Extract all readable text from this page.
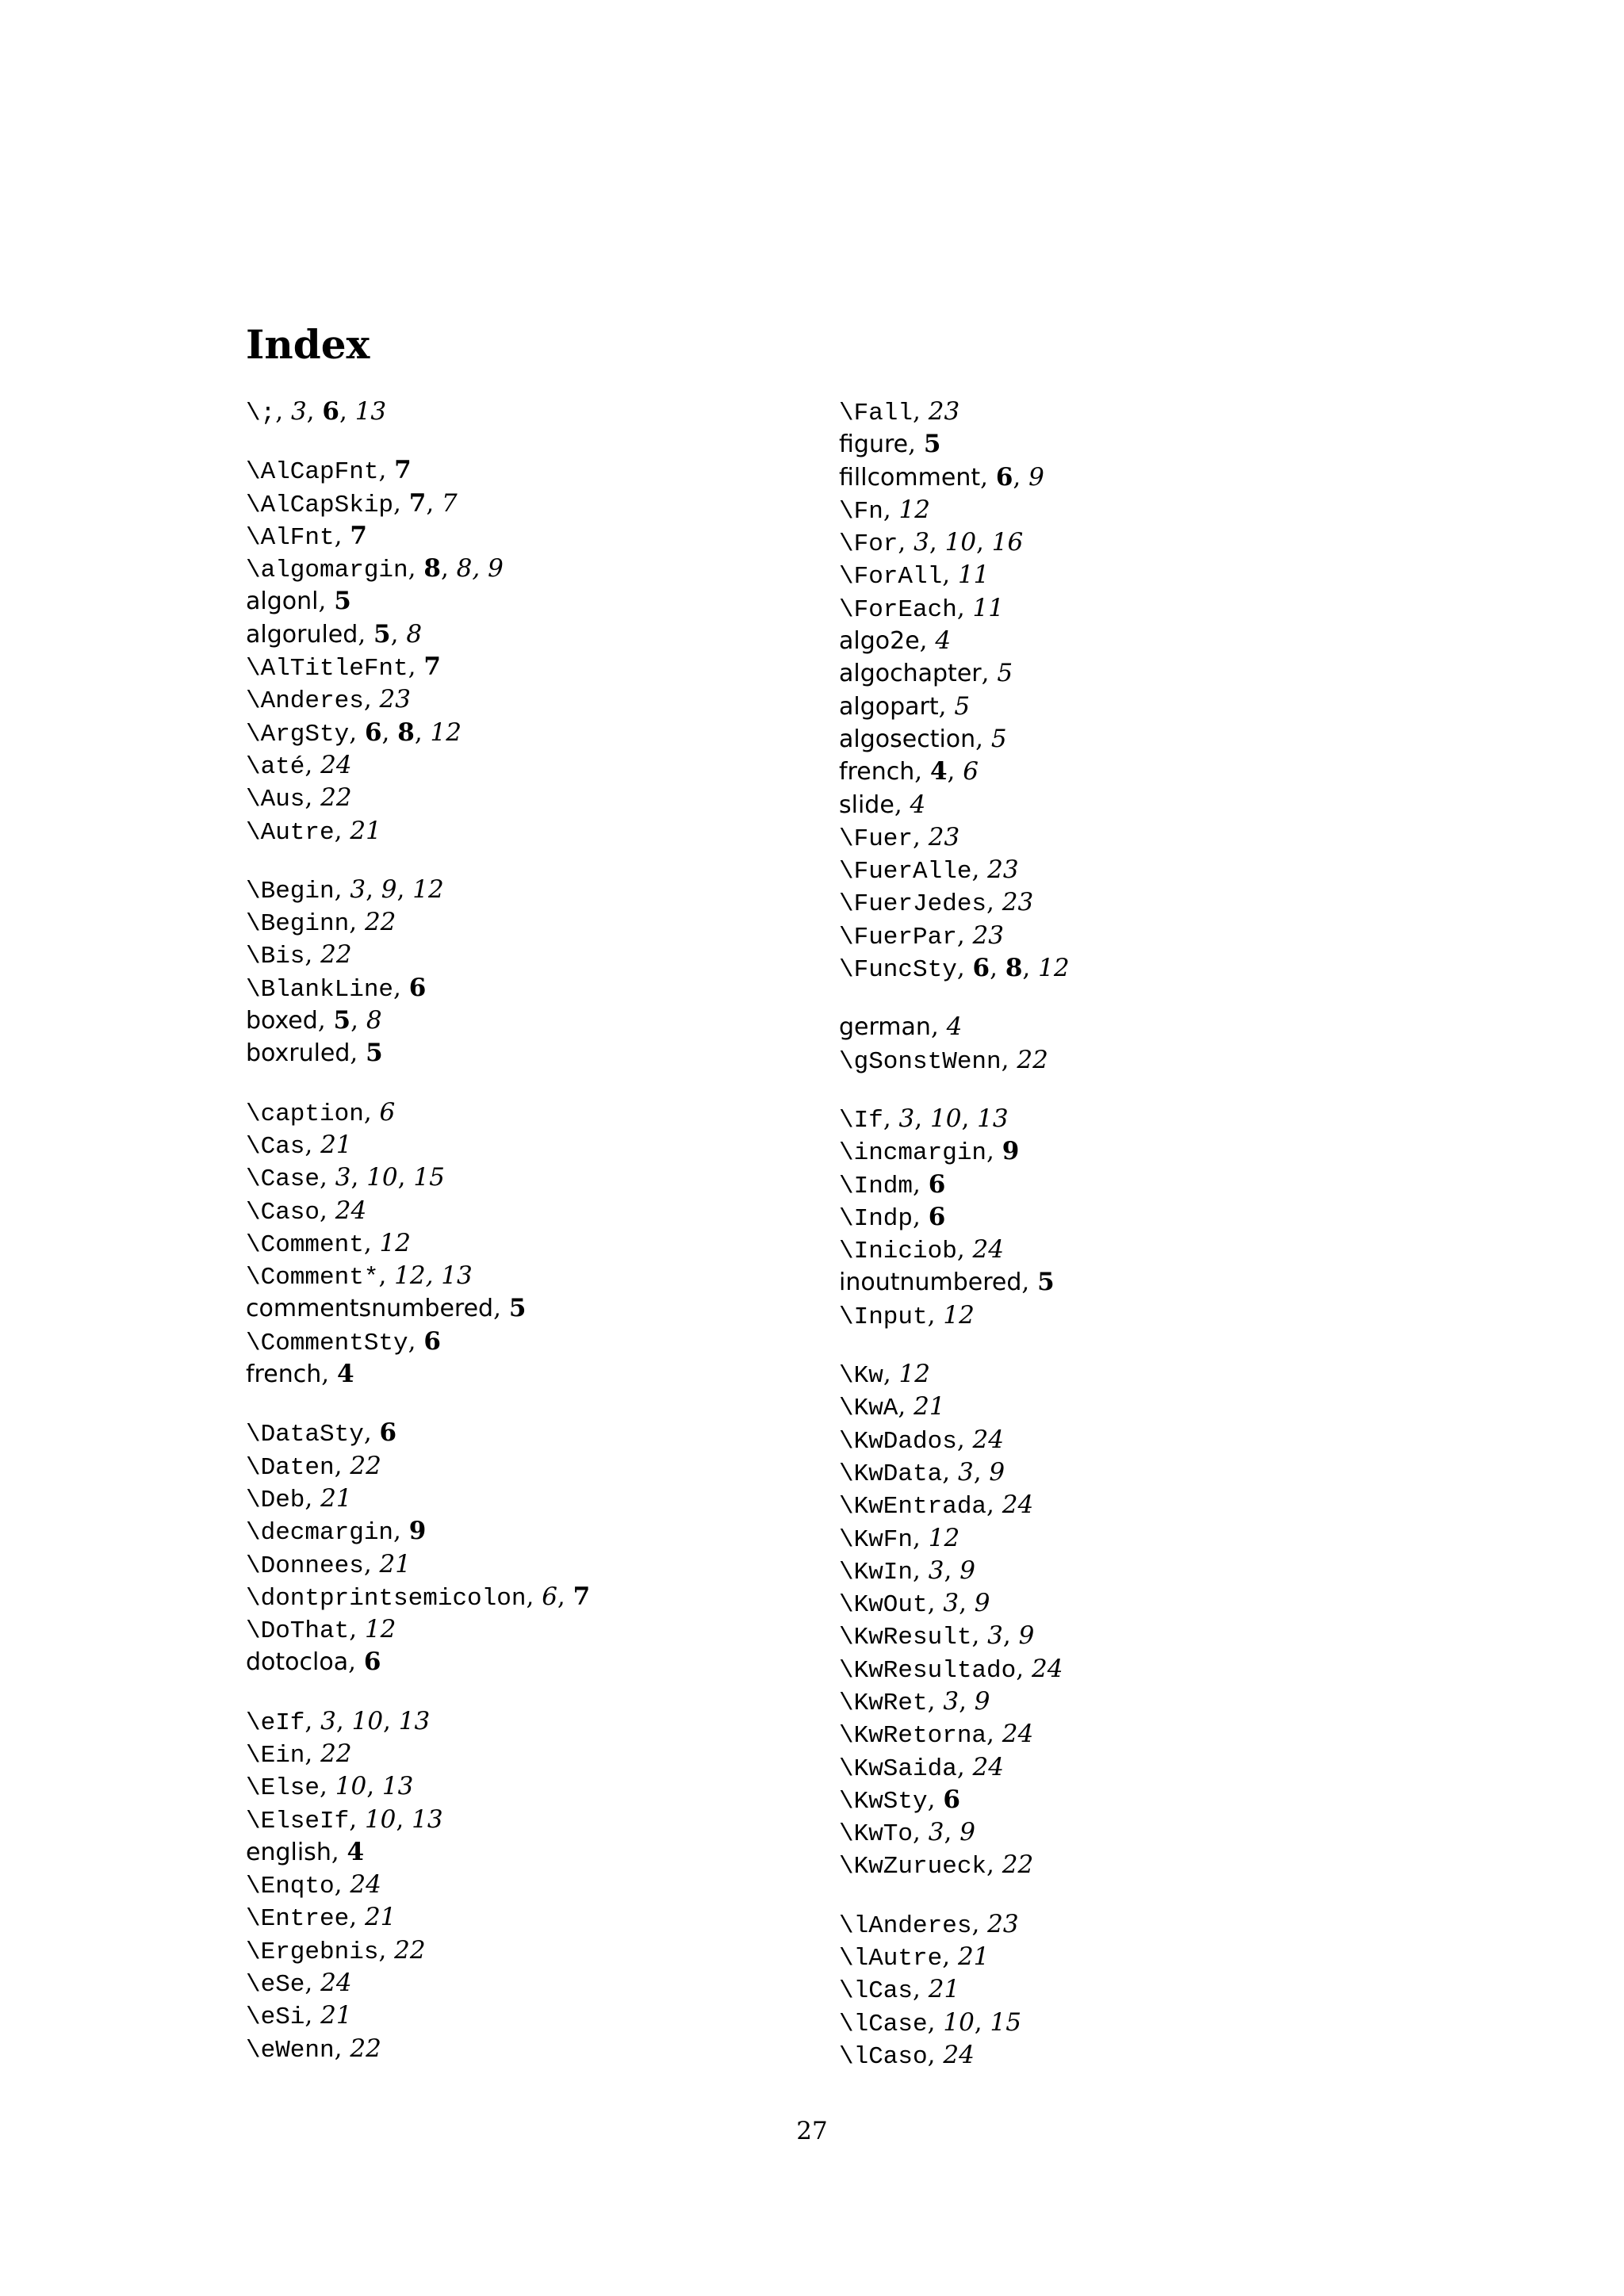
Index
\;, 3, 6, 13
\AlCapFnt, 7
\AlCapSkip, 7, 7
\AlFnt, 7
\algomargin, 8, 8, 9
algonl, 5
algoruled, 5, 8
\AlTitleFnt, 7
\Anderes, 23
\ArgSty, 6, 8, 12
\até, 24
\Aus, 22
\Autre, 21
\Begin, 3, 9, 12
\Beginn, 22
\Bis, 22
\BlankLine, 6
boxed, 5, 8
boxruled, 5
\caption, 6
\Cas, 21
\Case, 3, 10, 15
\Caso, 24
\Comment, 12
\Comment*, 12, 13
commentsnumbered, 5
\CommentSty, 6
french, 4
\DataSty, 6
\Daten, 22
\Deb, 21
\decmargin, 9
\Donnees, 21
\dontprintsemicolon, 6, 7
\DoThat, 12
dotocloa, 6
\eIf, 3, 10, 13
\Ein, 22
\Else, 10, 13
\ElseIf, 10, 13
english, 4
\Enqto, 24
\Entree, 21
\Ergebnis, 22
\eSe, 24
\eSi, 21
\eWenn, 22
\Fall, 23
figure, 5
fillcomment, 6, 9
\Fn, 12
\For, 3, 10, 16
\ForAll, 11
\ForEach, 11
algo2e, 4
algochapter, 5
algopart, 5
algosection, 5
french, 4, 6
slide, 4
\Fuer, 23
\FuerAlle, 23
\FuerJedes, 23
\FuerPar, 23
\FuncSty, 6, 8, 12
german, 4
\gSonstWenn, 22
\If, 3, 10, 13
\incmargin, 9
\Indm, 6
\Indp, 6
\Iniciob, 24
inoutnumbered, 5
\Input, 12
\Kw, 12
\KwA, 21
\KwDados, 24
\KwData, 3, 9
\KwEntrada, 24
\KwFn, 12
\KwIn, 3, 9
\KwOut, 3, 9
\KwResult, 3, 9
\KwResultado, 24
\KwRet, 3, 9
\KwRetorna, 24
\KwSaida, 24
\KwSty, 6
\KwTo, 3, 9
\KwZurueck, 22
\lAnderes, 23
\lAutre, 21
\lCas, 21
\lCase, 10, 15
\lCaso, 24
27
